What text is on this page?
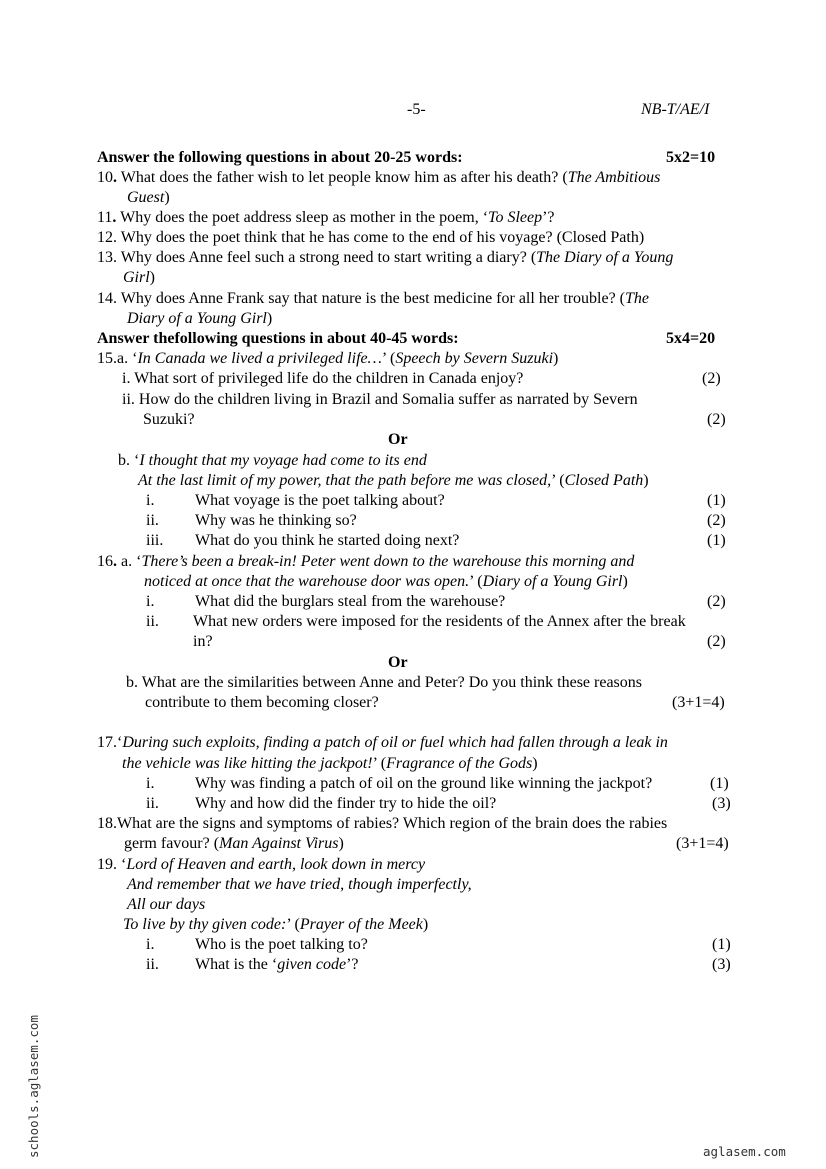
-5-	NB-T/AE/I
Answer the following questions in about 20-25 words:	5x2=10
10. What does the father wish to let people know him as after his death? (The Ambitious
Guest)
11. Why does the poet address sleep as mother in the poem, ‘To Sleep’?
12. Why does the poet think that he has come to the end of his voyage? (Closed Path)
13. Why does Anne feel such a strong need to start writing a diary? (The Diary of a Young
Girl)
14. Why does Anne Frank say that nature is the best medicine for all her trouble? (The
Diary of a Young Girl)
Answer thefollowing questions in about 40-45 words:	5x4=20
15.a. ‘In Canada we lived a privileged life…’ (Speech by Severn Suzuki)
i. What sort of privileged life do the children in Canada enjoy?	(2)
ii. How do the children living in Brazil and Somalia suffer as narrated by Severn
Suzuki?	(2)
Or
b. ‘I thought that my voyage had come to its end
At the last limit of my power, that the path before me was closed,’ (Closed Path)
i.	What voyage is the poet talking about?	(1)
ii. Why was he thinking so?	(2)
iii. What do you think he started doing next?	(1)
16. a. ‘There’s been a break-in! Peter went down to the warehouse this morning and
noticed at once that the warehouse door was open.’ (Diary of a Young Girl)
i.	What did the burglars steal from the warehouse?	(2)
ii. What new orders were imposed for the residents of the Annex after the break
in?	(2)
Or
b. What are the similarities between Anne and Peter? Do you think these reasons
contribute to them becoming closer?	(3+1=4)
17.‘During such exploits, finding a patch of oil or fuel which had fallen through a leak in
the vehicle was like hitting the jackpot!’ (Fragrance of the Gods)
i.	Why was finding a patch of oil on the ground like winning the jackpot?	(1)
ii. Why and how did the finder try to hide the oil?	(3)
18.What are the signs and symptoms of rabies? Which region of the brain does the rabies
germ favour? (Man Against Virus)	(3+1=4)
19. ‘Lord of Heaven and earth, look down in mercy
And remember that we have tried, though imperfectly,
All our days
To live by thy given code:’ (Prayer of the Meek)
i.	Who is the poet talking to?	(1)
ii. What is the ‘given code’?	(3)
schools.aglasem.com	aglasem.com
